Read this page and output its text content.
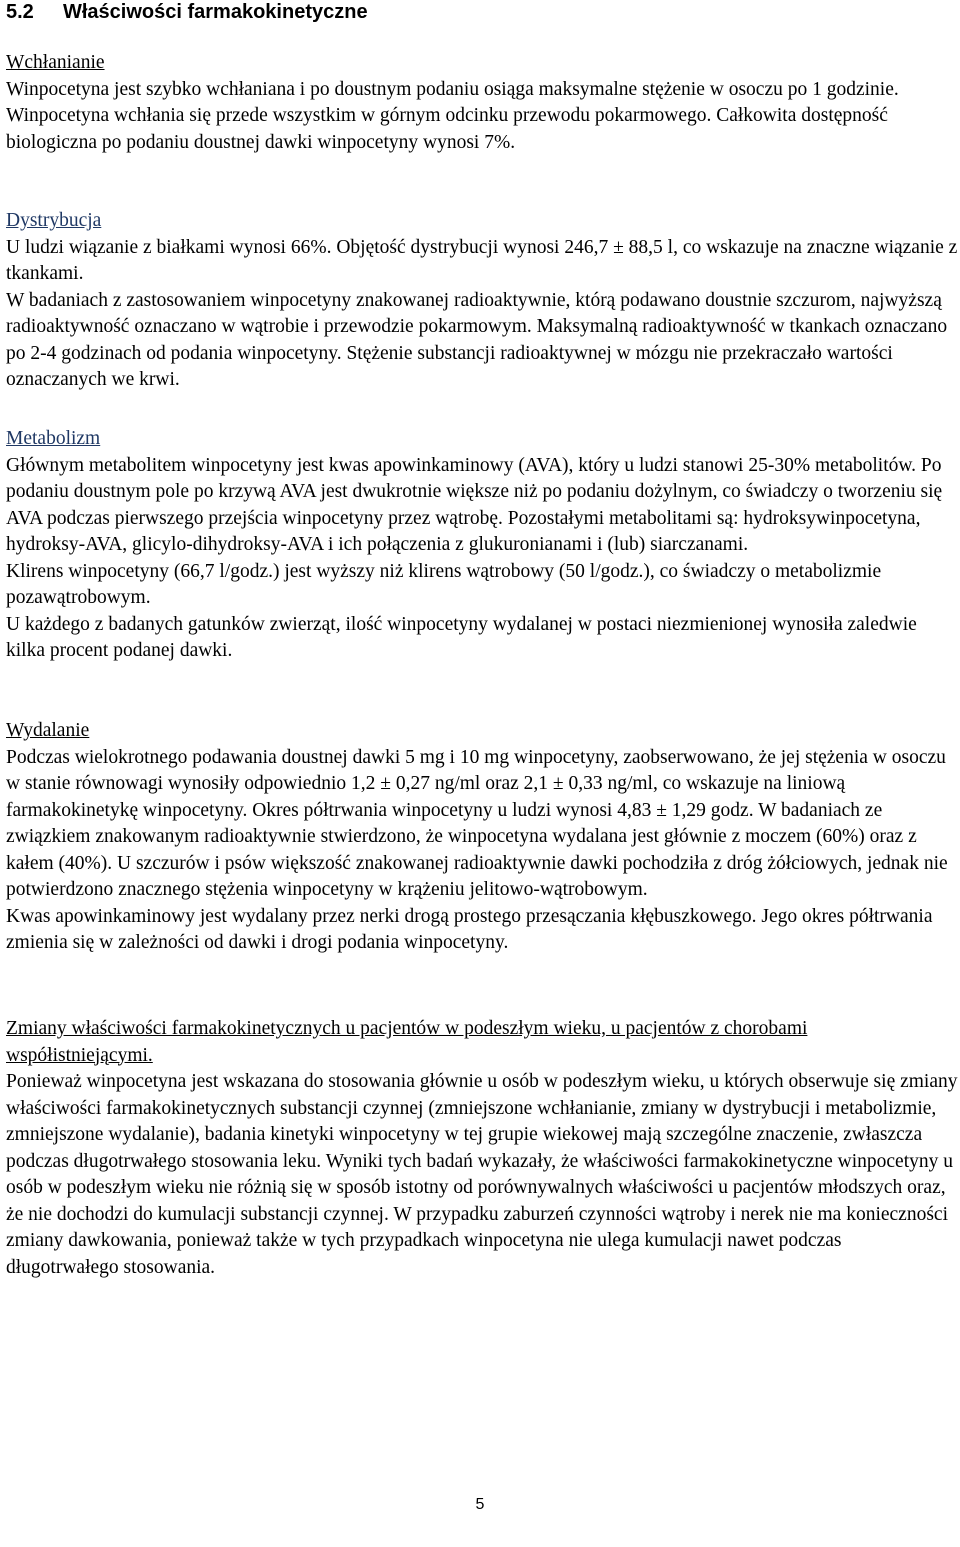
5.2 Właściwości farmakokinetyczne
Wchłanianie

Winpocetyna jest szybko wchłaniana i po doustnym podaniu osiąga maksymalne stężenie w osoczu po 1 godzinie. Winpocetyna wchłania się przede wszystkim w górnym odcinku przewodu pokarmowego. Całkowita dostępność biologiczna po podaniu doustnej dawki winpocetyny wynosi 7%.

Dystrybucja

U ludzi wiązanie z białkami wynosi 66%. Objętość dystrybucji wynosi 246,7 ± 88,5 l, co wskazuje na znaczne wiązanie z tkankami.

W badaniach z zastosowaniem winpocetyny znakowanej radioaktywnie, którą podawano doustnie szczurom, najwyższą radioaktywność oznaczano w wątrobie i przewodzie pokarmowym. Maksymalną radioaktywność w tkankach oznaczano po 2-4 godzinach od podania winpocetyny. Stężenie substancji radioaktywnej w mózgu nie przekraczało wartości oznaczanych we krwi.

Metabolizm

Głównym metabolitem winpocetyny jest kwas apowinkaminowy (AVA), który u ludzi stanowi 25-30% metabolitów. Po podaniu doustnym pole po krzywą AVA jest dwukrotnie większe niż po podaniu dożylnym, co świadczy o tworzeniu się AVA podczas pierwszego przejścia winpocetyny przez wątrobę. Pozostałymi metabolitami są: hydroksywinpocetyna, hydroksy-AVA, glicylo-dihydroksy-AVA i ich połączenia z glukuronianami i (lub) siarczanami.

Klirens winpocetyny (66,7 l/godz.) jest wyższy niż klirens wątrobowy (50 l/godz.), co świadczy o metabolizmie pozawątrobowym.

U każdego z badanych gatunków zwierząt, ilość winpocetyny wydalanej w postaci niezmienionej wynosiła zaledwie kilka procent podanej dawki.

Wydalanie

Podczas wielokrotnego podawania doustnej dawki 5 mg i 10 mg winpocetyny, zaobserwowano, że jej stężenia w osoczu w stanie równowagi wynosiły odpowiednio 1,2 ± 0,27 ng/ml oraz 2,1 ± 0,33 ng/ml, co wskazuje na liniową farmakokinetykę winpocetyny. Okres półtrwania winpocetyny u ludzi wynosi 4,83 ± 1,29 godz. W badaniach ze związkiem znakowanym radioaktywnie stwierdzono, że winpocetyna wydalana jest głównie z moczem (60%) oraz z kałem (40%). U szczurów i psów większość znakowanej radioaktywnie dawki pochodziła z dróg żółciowych, jednak nie potwierdzono znacznego stężenia winpocetyny w krążeniu jelitowo-wątrobowym.

Kwas apowinkaminowy jest wydalany przez nerki drogą prostego przesączania kłębuszkowego. Jego okres półtrwania zmienia się w zależności od dawki i drogi podania winpocetyny.

Zmiany właściwości farmakokinetycznych u pacjentów w podeszłym wieku, u pacjentów z chorobami współistniejącymi.

Ponieważ winpocetyna jest wskazana do stosowania głównie u osób w podeszłym wieku, u których obserwuje się zmiany właściwości farmakokinetycznych substancji czynnej (zmniejszone wchłanianie, zmiany w dystrybucji i metabolizmie, zmniejszone wydalanie), badania kinetyki winpocetyny w tej grupie wiekowej mają szczególne znaczenie, zwłaszcza podczas długotrwałego stosowania leku. Wyniki tych badań wykazały, że właściwości farmakokinetyczne winpocetyny u osób w podeszłym wieku nie różnią się w sposób istotny od porównywalnych właściwości u pacjentów młodszych oraz, że nie dochodzi do kumulacji substancji czynnej. W przypadku zaburzeń czynności wątroby i nerek nie ma konieczności zmiany dawkowania, ponieważ także w tych przypadkach winpocetyna nie ulega kumulacji nawet podczas długotrwałego stosowania.

5
